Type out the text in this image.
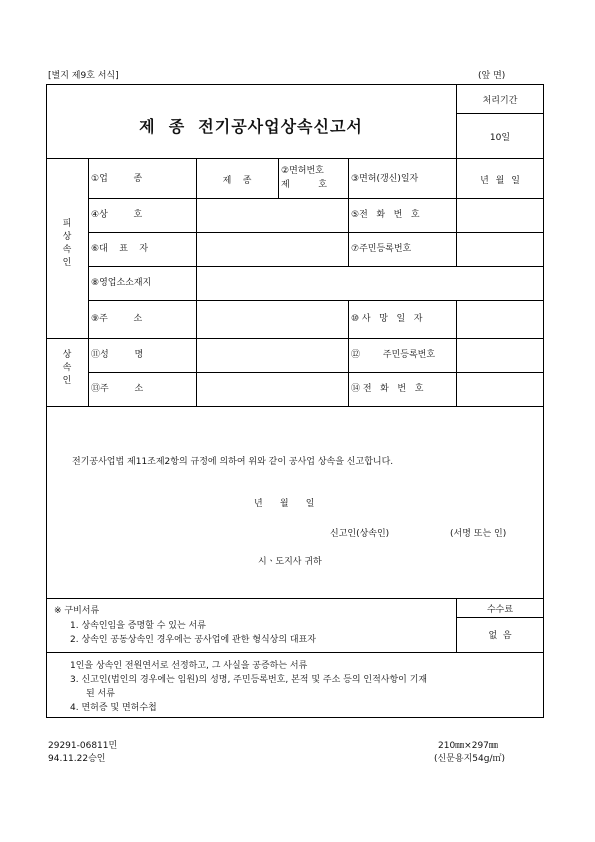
[별지 제9호 서식]	(앞 면)
제  종  전기공사업상속신고서
처리기간
10일
피상속인
상속인
①업         종	제    종
②면허번호
제          호
③면허(갱신)일자	년 월 일
④상         호	⑤전   화   번   호
⑥대    표    자	⑦주민등록번호
⑧영업소소재지
⑨주         소	⑩ 사   망   일   자
⑪성         명	⑫        주민등록번호
⑬주         소	⑭ 전   화   번   호
전기공사업법 제11조제2항의 규정에 의하여 위와 같이 공사업 상속을 신고합니다.
년      월      일
신고인(상속인)	(서명 또는 인)
시ㆍ도지사 귀하
※ 구비서류
1. 상속인임을 증명할 수 있는 서류
2. 상속인 공동상속인 경우에는 공사업에 관한 형식상의 대표자
1인을 상속인 전원연서로 선정하고, 그 사실을 공증하는 서류
3. 신고인(법인의 경우에는 임원)의 성명, 주민등록번호, 본적 및 주소 등의 인적사항이 기재
된 서류
4. 면허증 및 면허수첩
수수료
없  음
29291-06811민
94.11.22승인
210㎜×297㎜
(신문용지54g/㎡)
